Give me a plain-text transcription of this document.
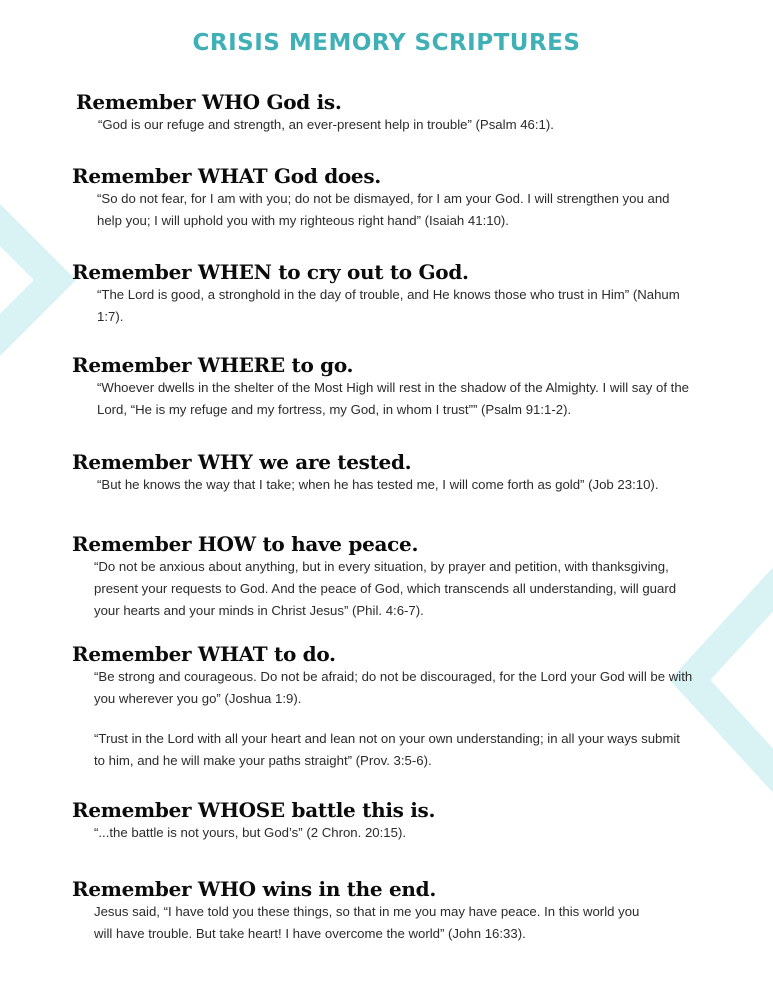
CRISIS MEMORY SCRIPTURES
Remember WHO God is.

“God is our refuge and strength, an ever-present help in trouble” (Psalm 46:1).

Remember WHAT God does.

“So do not fear, for I am with you; do not be dismayed, for I am your God. I will strengthen you and help you; I will uphold you with my righteous right hand” (Isaiah 41:10).

Remember WHEN to cry out to God.

“The Lord is good, a stronghold in the day of trouble, and He knows those who trust in Him” (Nahum 1:7).

Remember WHERE to go.

“Whoever dwells in the shelter of the Most High will rest in the shadow of the Almighty. I will say of the Lord, “He is my refuge and my fortress, my God, in whom I trust”” (Psalm 91:1-2).

Remember WHY we are tested.

“But he knows the way that I take; when he has tested me, I will come forth as gold” (Job 23:10).

Remember HOW to have peace.

“Do not be anxious about anything, but in every situation, by prayer and petition, with thanksgiving, present your requests to God. And the peace of God, which transcends all understanding, will guard your hearts and your minds in Christ Jesus” (Phil. 4:6-7).

Remember WHAT to do.

“Be strong and courageous. Do not be afraid; do not be discouraged, for the Lord your God will be with you wherever you go” (Joshua 1:9).

“Trust in the Lord with all your heart and lean not on your own understanding; in all your ways submit to him, and he will make your paths straight” (Prov. 3:5-6).

Remember WHOSE battle this is.

“...the battle is not yours, but God’s” (2 Chron. 20:15).

Remember WHO wins in the end.

Jesus said, “I have told you these things, so that in me you may have peace. In this world you will have trouble. But take heart! I have overcome the world” (John 16:33).
